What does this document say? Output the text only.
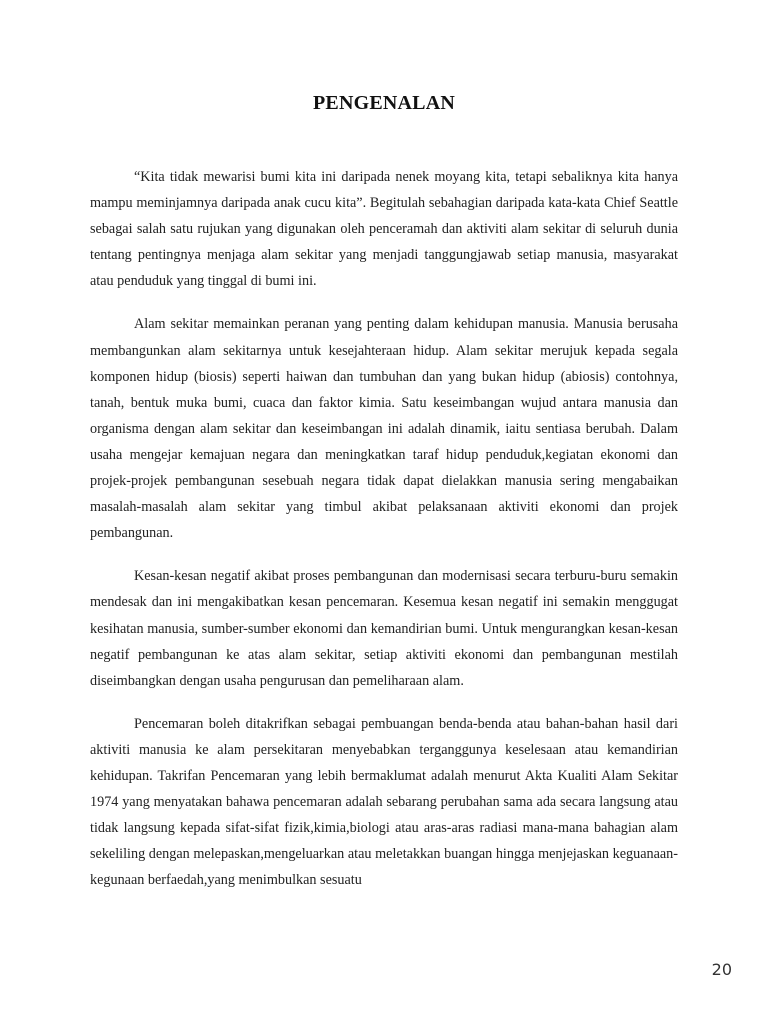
PENGENALAN

“Kita tidak mewarisi bumi kita ini daripada nenek moyang kita, tetapi sebaliknya kita hanya mampu meminjamnya daripada anak cucu kita”. Begitulah sebahagian daripada kata-kata Chief Seattle sebagai salah satu rujukan yang digunakan oleh penceramah dan aktiviti alam sekitar di seluruh dunia tentang pentingnya menjaga alam sekitar yang menjadi tanggungjawab setiap manusia, masyarakat atau penduduk yang tinggal di bumi ini.

Alam sekitar memainkan peranan yang penting dalam kehidupan manusia. Manusia berusaha membangunkan alam sekitarnya untuk kesejahteraan hidup. Alam sekitar merujuk kepada segala komponen hidup (biosis) seperti haiwan dan tumbuhan dan yang bukan hidup (abiosis) contohnya, tanah, bentuk muka bumi, cuaca dan faktor kimia. Satu keseimbangan wujud antara manusia dan organisma dengan alam sekitar dan keseimbangan ini adalah dinamik, iaitu sentiasa berubah. Dalam usaha mengejar kemajuan negara dan meningkatkan taraf hidup penduduk,kegiatan ekonomi dan projek-projek pembangunan sesebuah negara tidak dapat dielakkan manusia sering mengabaikan masalah-masalah alam sekitar yang timbul akibat pelaksanaan aktiviti ekonomi dan projek pembangunan.

Kesan-kesan negatif akibat proses pembangunan dan modernisasi secara terburu-buru semakin mendesak dan ini mengakibatkan kesan pencemaran. Kesemua kesan negatif ini semakin menggugat kesihatan manusia, sumber-sumber ekonomi dan kemandirian bumi. Untuk mengurangkan kesan-kesan negatif pembangunan ke atas alam sekitar, setiap aktiviti ekonomi dan pembangunan mestilah diseimbangkan dengan usaha pengurusan dan pemeliharaan alam.

Pencemaran boleh ditakrifkan sebagai pembuangan benda-benda atau bahan-bahan hasil dari aktiviti manusia ke alam persekitaran menyebabkan terganggunya keselesaan atau kemandirian kehidupan. Takrifan Pencemaran yang lebih bermaklumat adalah menurut Akta Kualiti Alam Sekitar 1974 yang menyatakan bahawa pencemaran adalah sebarang perubahan sama ada secara langsung atau tidak langsung kepada sifat-sifat fizik,kimia,biologi atau aras-aras radiasi mana-mana bahagian alam sekeliling dengan melepaskan,mengeluarkan atau meletakkan buangan hingga menjejaskan keguanaan-kegunaan berfaedah,yang menimbulkan sesuatu

20
